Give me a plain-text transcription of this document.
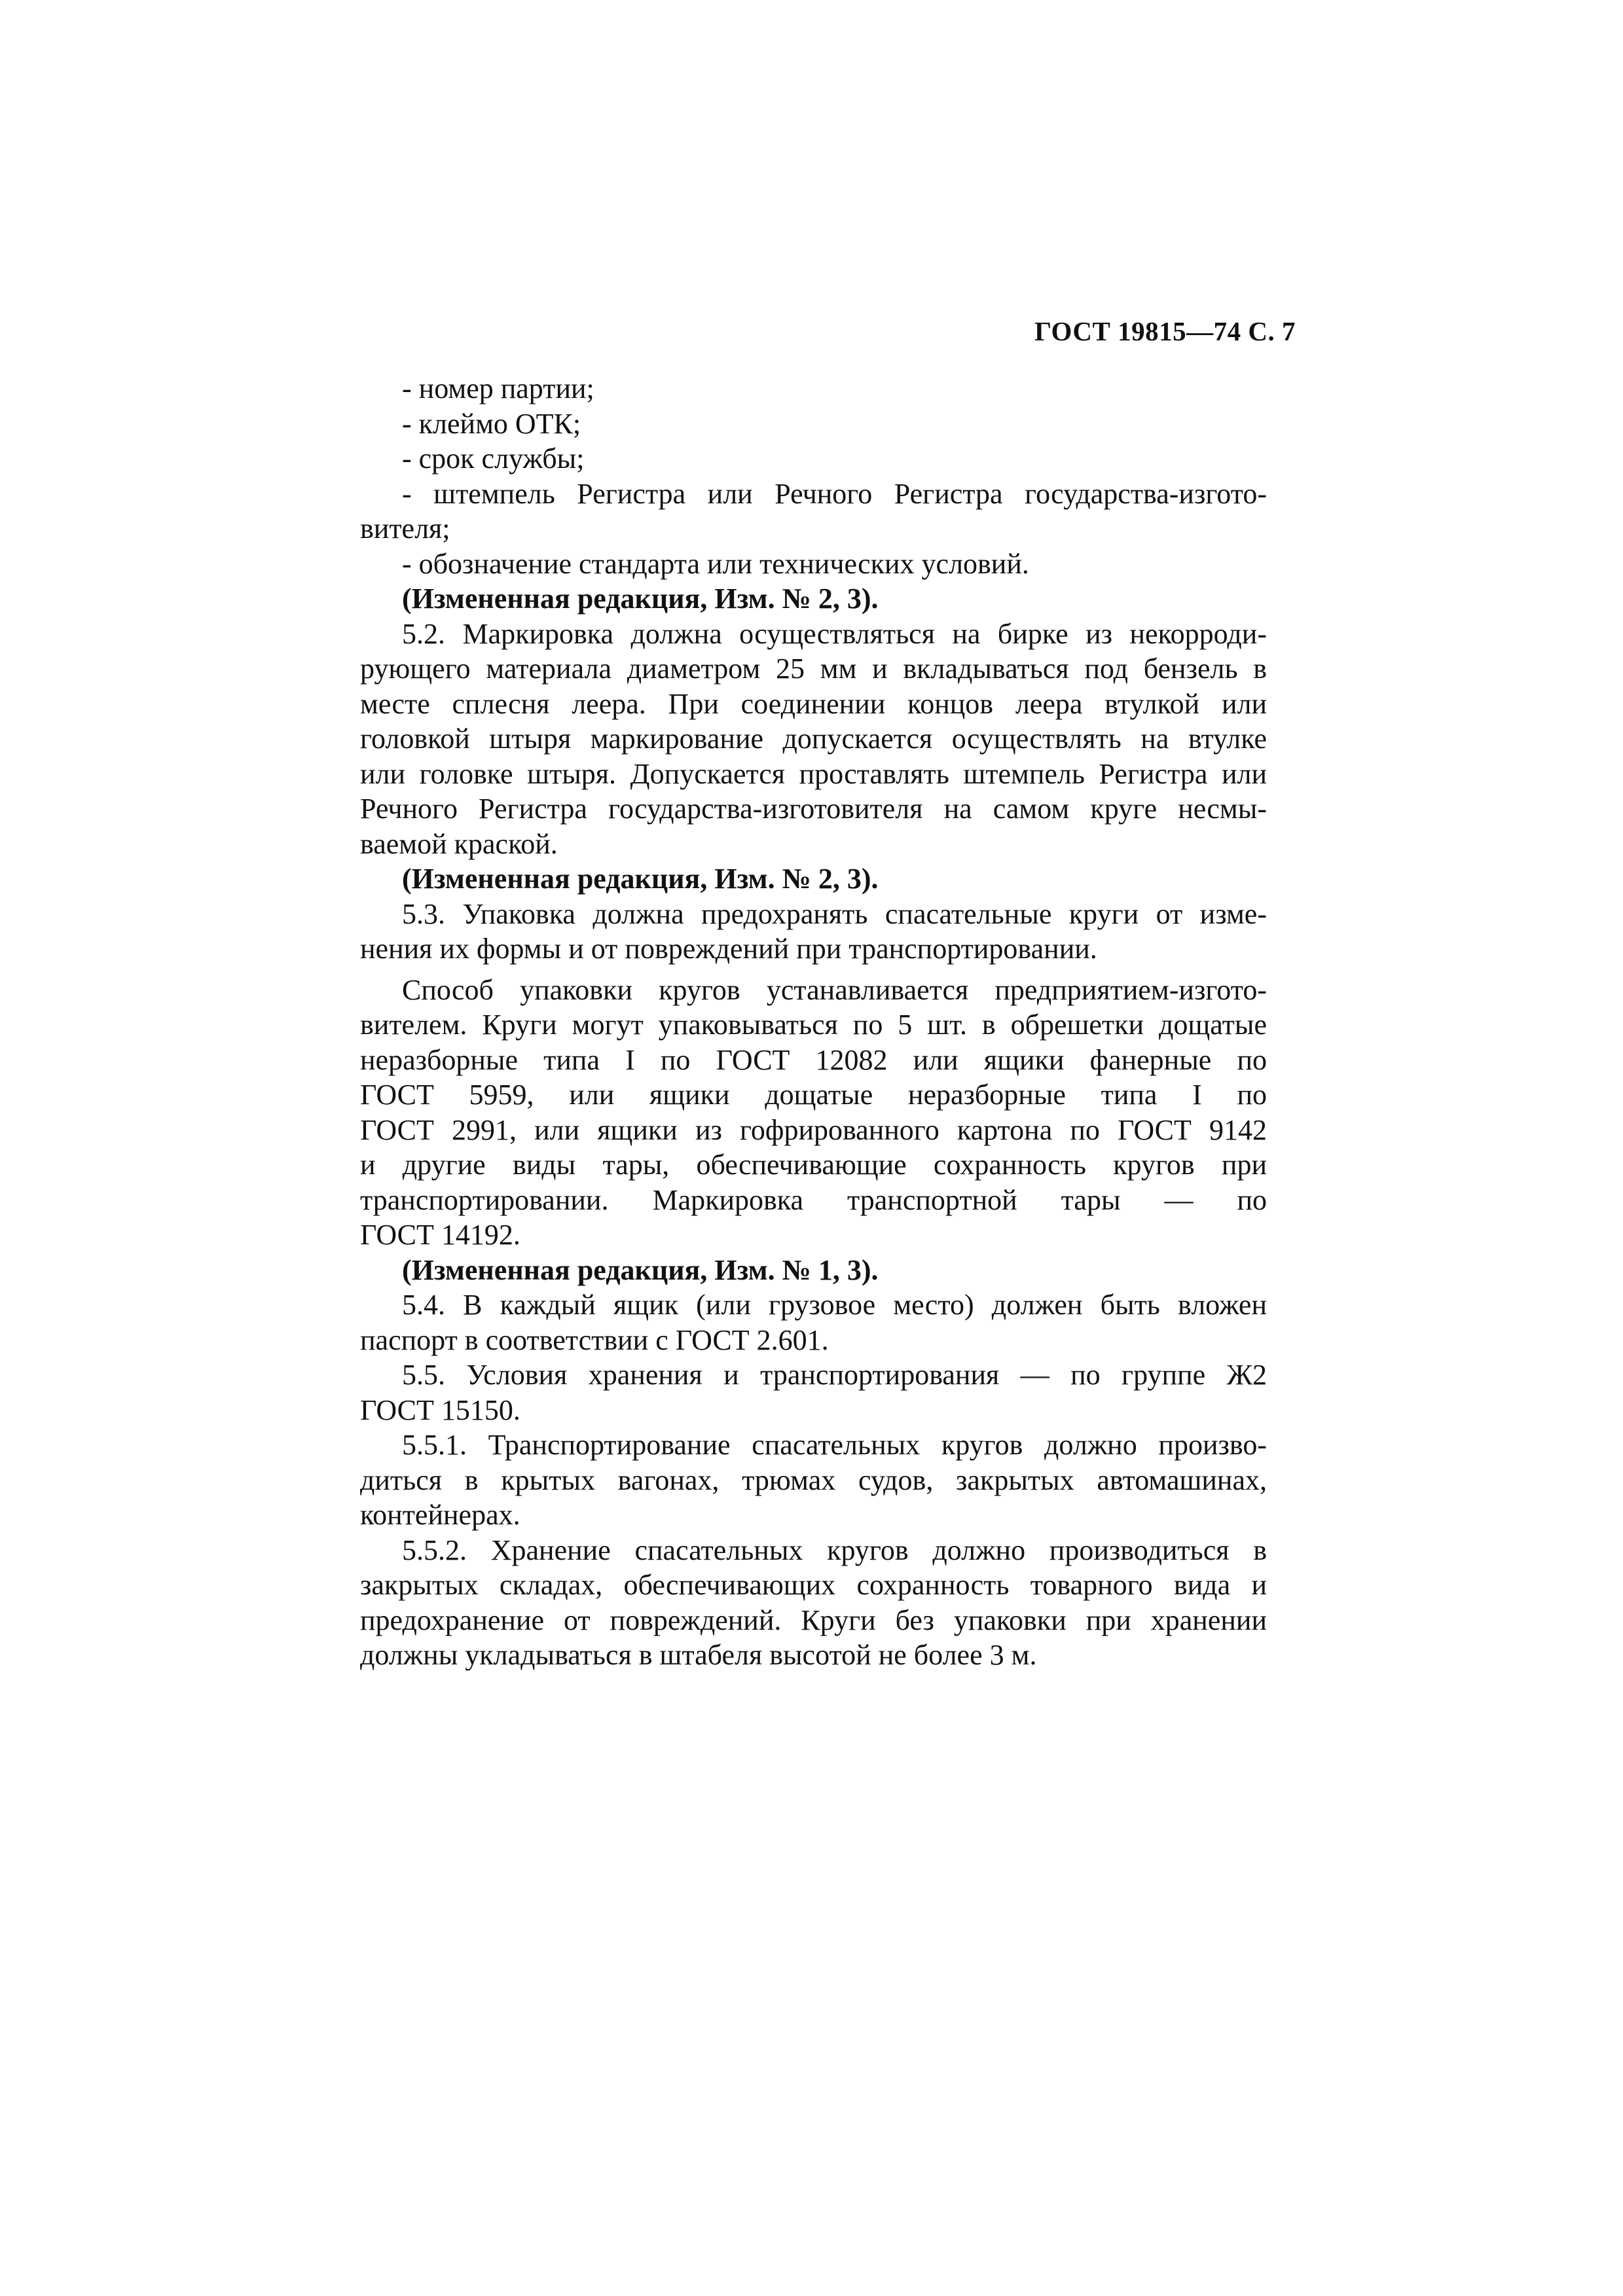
ГОСТ 19815—74 С. 7
- номер партии;
- клеймо ОТК;
- срок службы;
- штемпель Регистра или Речного Регистра государства-изгото-
вителя;
- обозначение стандарта или технических условий.
(Измененная редакция, Изм. № 2, 3).
5.2. Маркировка должна осуществляться на бирке из некорроди-
рующего материала диаметром 25 мм и вкладываться под бензель в
месте сплесня леера. При соединении концов леера втулкой или
головкой штыря маркирование допускается осуществлять на втулке
или головке штыря. Допускается проставлять штемпель Регистра или
Речного Регистра государства-изготовителя на самом круге несмы-
ваемой краской.
(Измененная редакция, Изм. № 2, 3).
5.3. Упаковка должна предохранять спасательные круги от изме-
нения их формы и от повреждений при транспортировании.
Способ упаковки кругов устанавливается предприятием-изгото-
вителем. Круги могут упаковываться по 5 шт. в обрешетки дощатые
неразборные типа I по ГОСТ 12082 или ящики фанерные по
ГОСТ 5959, или ящики дощатые неразборные типа I по
ГОСТ 2991, или ящики из гофрированного картона по ГОСТ 9142
и другие виды тары, обеспечивающие сохранность кругов при
транспортировании. Маркировка транспортной тары — по
ГОСТ 14192.
(Измененная редакция, Изм. № 1, 3).
5.4. В каждый ящик (или грузовое место) должен быть вложен
паспорт в соответствии с ГОСТ 2.601.
5.5. Условия хранения и транспортирования — по группе Ж2
ГОСТ 15150.
5.5.1. Транспортирование спасательных кругов должно произво-
диться в крытых вагонах, трюмах судов, закрытых автомашинах,
контейнерах.
5.5.2. Хранение спасательных кругов должно производиться в
закрытых складах, обеспечивающих сохранность товарного вида и
предохранение от повреждений. Круги без упаковки при хранении
должны укладываться в штабеля высотой не более 3 м.
